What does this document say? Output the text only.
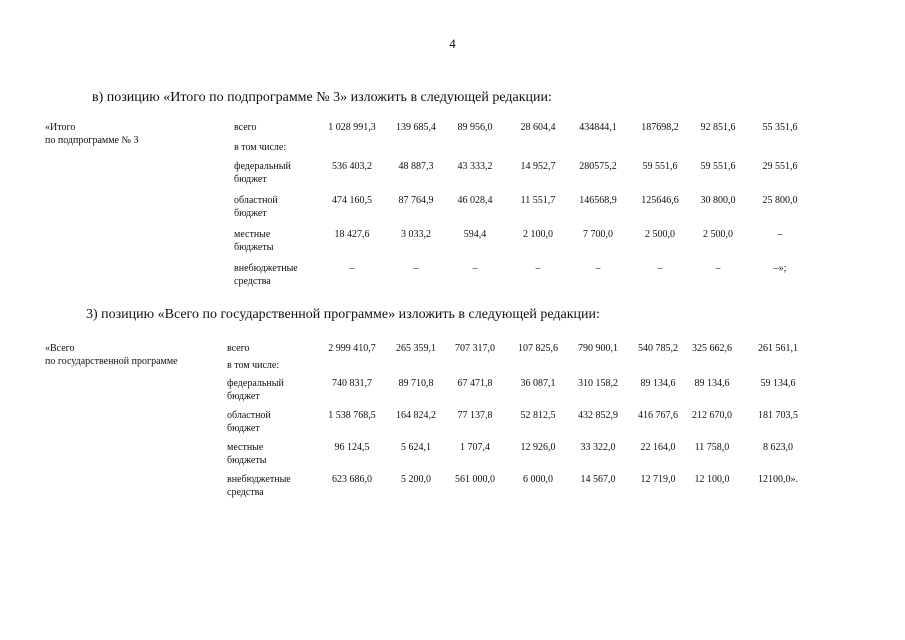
4
в) позицию «Итого по подпрограмме № 3» изложить в следующей редакции:
3) позицию «Всего по государственной программе» изложить в следующей редакции:
«Итого
по подпрограмме № 3
всего	1 028 991,3	139 685,4	89 956,0	28 604,4	434844,1	187698,2	92 851,6	55 351,6
в том числе:
федеральный
бюджет
536 403,2	48 887,3	43 333,2	14 952,7	280575,2	59 551,6	59 551,6	29 551,6
областной
бюджет
474 160,5	87 764,9	46 028,4	11 551,7	146568,9	125646,6	30 800,0	25 800,0
местные
бюджеты
18 427,6	3 033,2	594,4	2 100,0	7 700,0	2 500,0	2 500,0	–
внебюджетные
средства
–	–	–	–	–	–	–	–»;
«Всего
по государственной программе
всего	2 999 410,7	265 359,1	707 317,0	107 825,6	790 900,1	540 785,2	325 662,6	261 561,1
в том числе:
федеральный
бюджет
740 831,7	89 710,8	67 471,8	36 087,1	310 158,2	89 134,6	89 134,6	59 134,6
областной
бюджет
1 538 768,5	164 824,2	77 137,8	52 812,5	432 852,9	416 767,6	212 670,0	181 703,5
местные
бюджеты
96 124,5	5 624,1	1 707,4	12 926,0	33 322,0	22 164,0	11 758,0	8 623,0
внебюджетные
средства
623 686,0	5 200,0	561 000,0	6 000,0	14 567,0	12 719,0	12 100,0	12100,0».
